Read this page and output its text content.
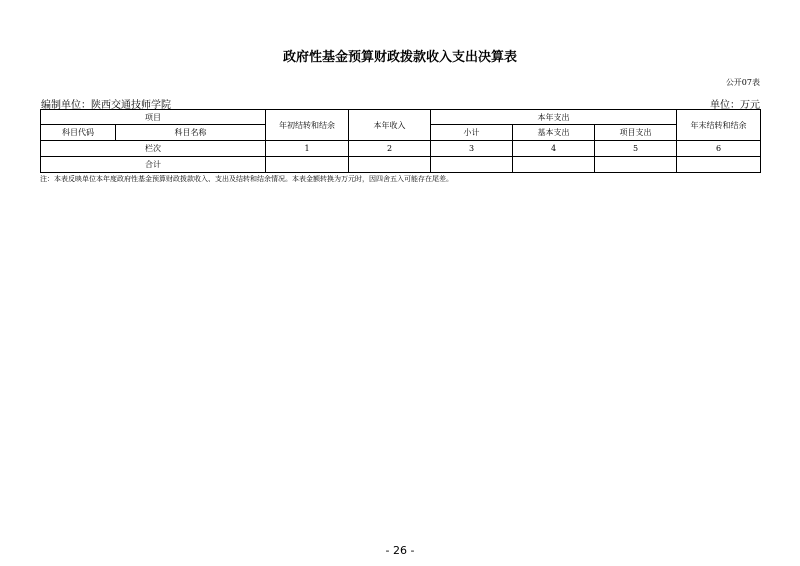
政府性基金预算财政拨款收入支出决算表
公开07表
编制单位：陕西交通技师学院	单位：万元
项目		年初结转和结余	本年收入	本年支出			年末结转和结余
科目代码	科目名称			小计	基本支出	项目支出	
栏次		1	2	3	4	5	6
合计							
注：本表反映单位本年度政府性基金预算财政拨款收入、支出及结转和结余情况。本表金额转换为万元时，因四舍五入可能存在尾差。
- 26 -
